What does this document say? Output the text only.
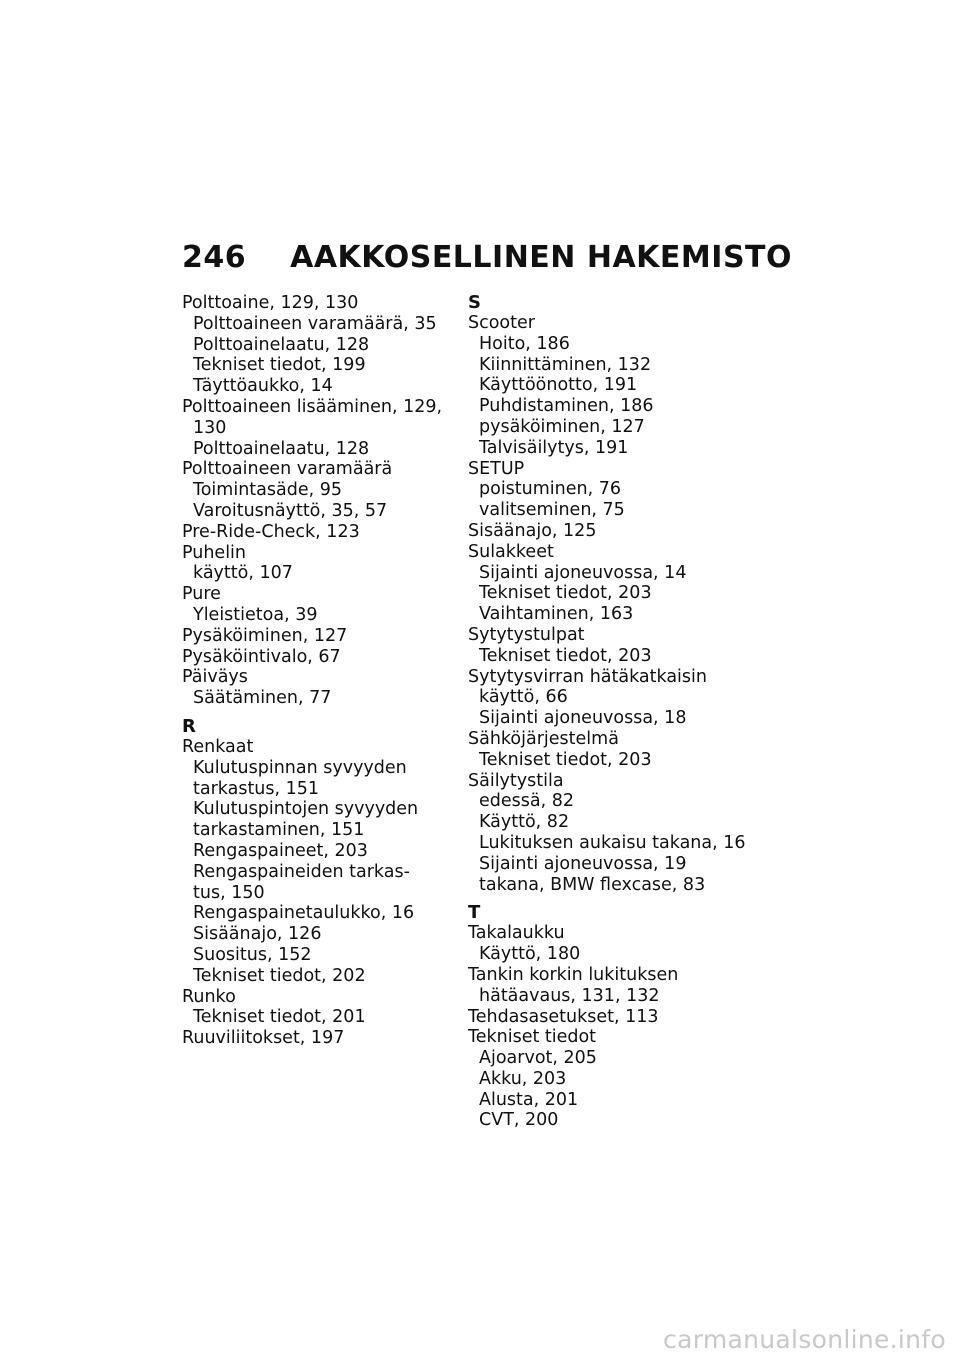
246 AAKKOSELLINEN HAKEMISTO
Polttoaine, 129, 130
Polttoaineen varamäärä, 35
Polttoainelaatu, 128
Tekniset tiedot, 199
Täyttöaukko, 14
Polttoaineen lisääminen, 129,
130
Polttoainelaatu, 128
Polttoaineen varamäärä
Toimintasäde, 95
Varoitusnäyttö, 35, 57
Pre-Ride-Check, 123
Puhelin
käyttö, 107
Pure
Yleistietoa, 39
Pysäköiminen, 127
Pysäköintivalo, 67
Päiväys
Säätäminen, 77
R
Renkaat
Kulutuspinnan syvyyden
tarkastus, 151
Kulutuspintojen syvyyden
tarkastaminen, 151
Rengaspaineet, 203
Rengaspaineiden tarkas-
tus, 150
Rengaspainetaulukko, 16
Sisäänajo, 126
Suositus, 152
Tekniset tiedot, 202
Runko
Tekniset tiedot, 201
Ruuviliitokset, 197
S
Scooter
Hoito, 186
Kiinnittäminen, 132
Käyttöönotto, 191
Puhdistaminen, 186
pysäköiminen, 127
Talvisäilytys, 191
SETUP
poistuminen, 76
valitseminen, 75
Sisäänajo, 125
Sulakkeet
Sijainti ajoneuvossa, 14
Tekniset tiedot, 203
Vaihtaminen, 163
Sytytystulpat
Tekniset tiedot, 203
Sytytysvirran hätäkatkaisin
käyttö, 66
Sijainti ajoneuvossa, 18
Sähköjärjestelmä
Tekniset tiedot, 203
Säilytystila
edessä, 82
Käyttö, 82
Lukituksen aukaisu takana, 16
Sijainti ajoneuvossa, 19
takana, BMW flexcase, 83
T
Takalaukku
Käyttö, 180
Tankin korkin lukituksen
hätäavaus, 131, 132
Tehdasasetukset, 113
Tekniset tiedot
Ajoarvot, 205
Akku, 203
Alusta, 201
CVT, 200
carmanualsonline.info
